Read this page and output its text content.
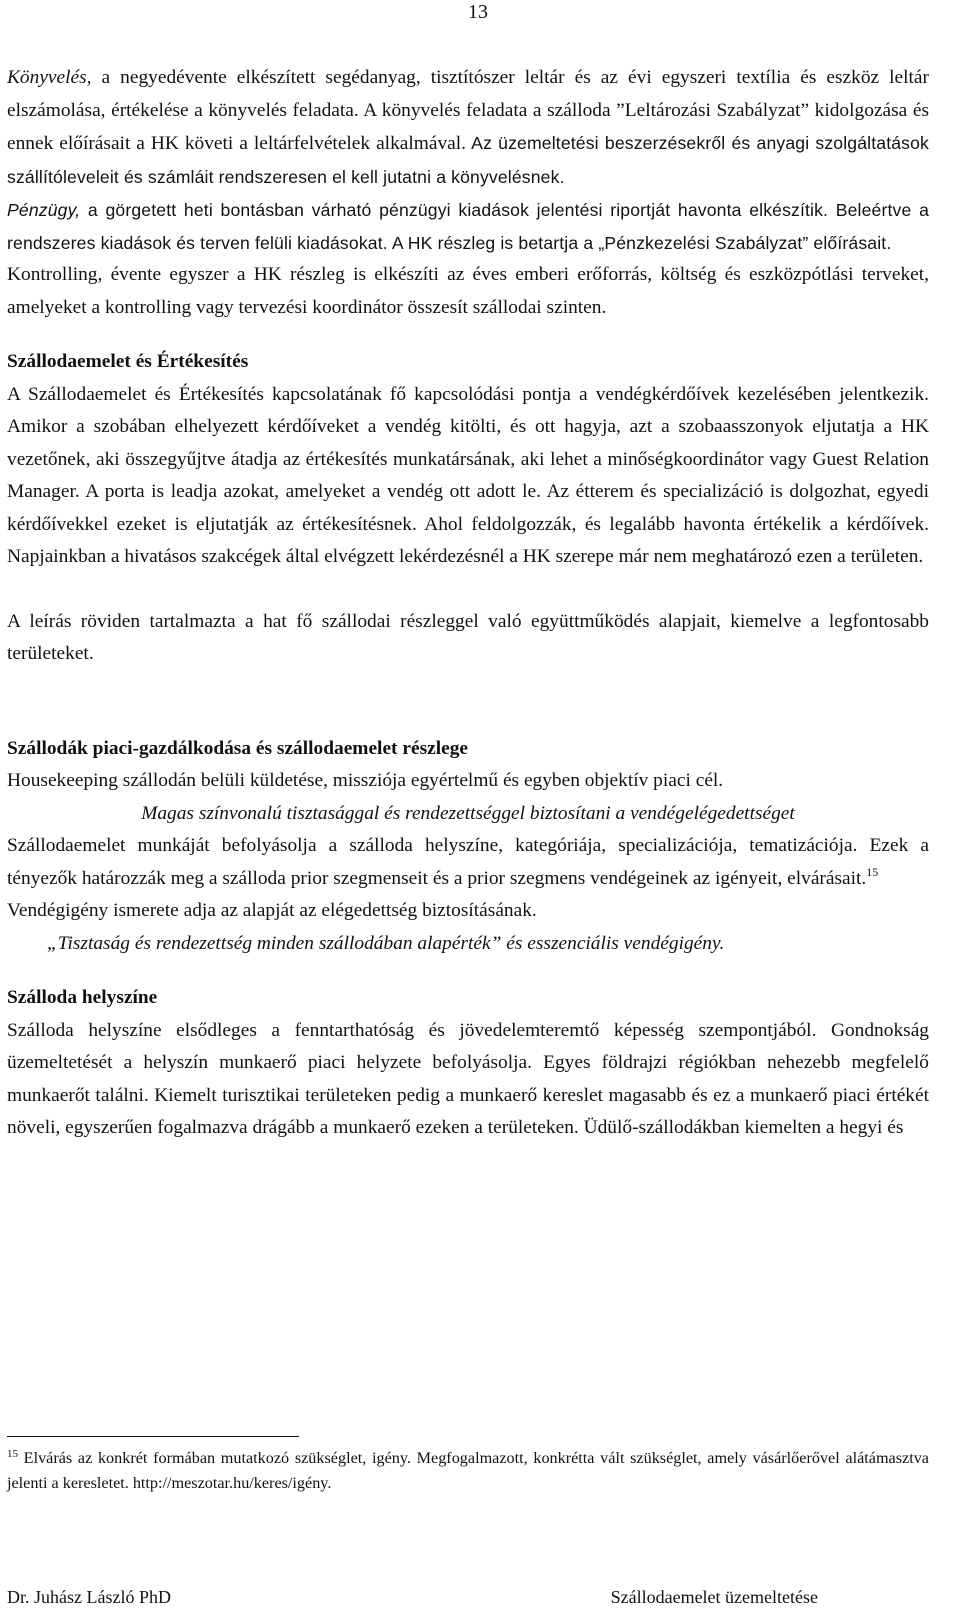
13

Könyvelés, a negyedévente elkészített segédanyag, tisztítószer leltár és az évi egyszeri textília és eszköz leltár elszámolása, értékelése a könyvelés feladata. A könyvelés feladata a szálloda ”Leltározási Szabályzat” kidolgozása és ennek előírásait a HK követi a leltárfelvételek alkalmával. Az üzemeltetési beszerzésekről és anyagi szolgáltatások szállítóleveleit és számláit rendszeresen el kell jutatni a könyvelésnek.

Pénzügy, a görgetett heti bontásban várható pénzügyi kiadások jelentési riportját havonta elkészítik. Beleértve a rendszeres kiadások és terven felüli kiadásokat. A HK részleg is betartja a „Pénzkezelési Szabályzat” előírásait.

Kontrolling, évente egyszer a HK részleg is elkészíti az éves emberi erőforrás, költség és eszközpótlási terveket, amelyeket a kontrolling vagy tervezési koordinátor összesít szállodai szinten.

Szállodaemelet és Értékesítés

A Szállodaemelet és Értékesítés kapcsolatának fő kapcsolódási pontja a vendégkérdőívek kezelésében jelentkezik. Amikor a szobában elhelyezett kérdőíveket a vendég kitölti, és ott hagyja, azt a szobaasszonyok eljutatja a HK vezetőnek, aki összegyűjtve átadja az értékesítés munkatársának, aki lehet a minőségkoordinátor vagy Guest Relation Manager. A porta is leadja azokat, amelyeket a vendég ott adott le. Az étterem és specializáció is dolgozhat, egyedi kérdőívekkel ezeket is eljutatják az értékesítésnek. Ahol feldolgozzák, és legalább havonta értékelik a kérdőívek. Napjainkban a hivatásos szakcégek által elvégzett lekérdezésnél a HK szerepe már nem meghatározó ezen a területen.

A leírás röviden tartalmazta a hat fő szállodai részleggel való együttműködés alapjait, kiemelve a legfontosabb területeket.

Szállodák piaci-gazdálkodása és szállodaemelet részlege

Housekeeping szállodán belüli küldetése, missziója egyértelmű és egyben objektív piaci cél.

Magas színvonalú tisztasággal és rendezettséggel biztosítani a vendégelégedettséget

Szállodaemelet munkáját befolyásolja a szálloda helyszíne, kategóriája, specializációja, tematizációja. Ezek a tényezők határozzák meg a szálloda prior szegmenseit és a prior szegmens vendégeinek az igényeit, elvárásait.$^{15}$

Vendégigény ismerete adja az alapját az elégedettség biztosításának.

„Tisztaság és rendezettség minden szállodában alapérték” és esszenciális vendégigény.

Szálloda helyszíne

Szálloda helyszíne elsődleges a fenntarthatóság és jövedelemteremtő képesség szempontjából. Gondnokság üzemeltetését a helyszín munkaerő piaci helyzete befolyásolja. Egyes földrajzi régiókban nehezebb megfelelő munkaerőt találni. Kiemelt turisztikai területeken pedig a munkaerő kereslet magasabb és ez a munkaerő piaci értékét növeli, egyszerűen fogalmazva drágább a munkaerő ezeken a területeken. Üdülő-szállodákban kiemelten a hegyi és

$^{15}$ Elvárás az konkrét formában mutatkozó szükséglet, igény. Megfogalmazott, konkrétta vált szükséglet, amely vásárlőerővel alátámasztva jelenti a keresletet. http://meszotar.hu/keres/igény.
Dr. Juhász László PhD	Szállodaemelet üzemeltetése
